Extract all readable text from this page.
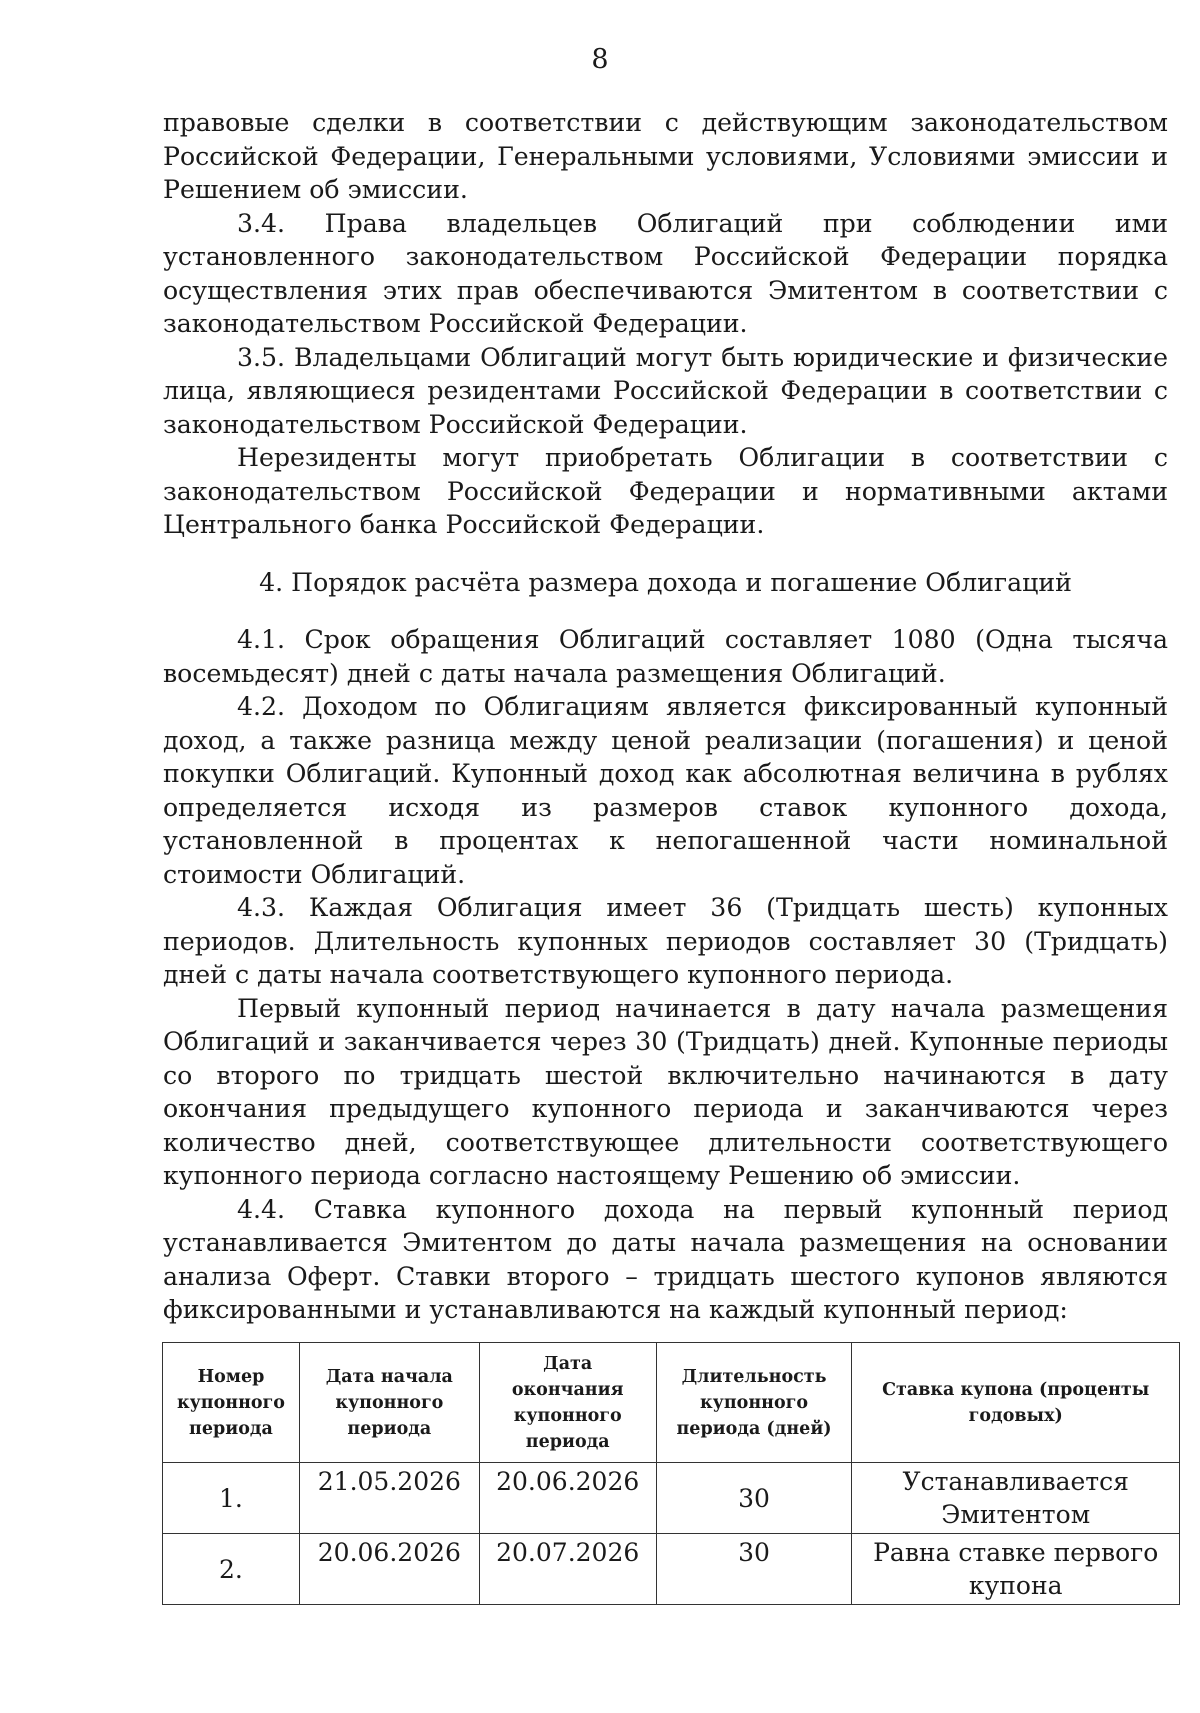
8

правовые сделки в соответствии с действующим законодательством Российской Федерации, Генеральными условиями, Условиями эмиссии и Решением об эмиссии.

3.4. Права владельцев Облигаций при соблюдении ими установленного законодательством Российской Федерации порядка осуществления этих прав обеспечиваются Эмитентом в соответствии с законодательством Российской Федерации.

3.5. Владельцами Облигаций могут быть юридические и физические лица, являющиеся резидентами Российской Федерации в соответствии с законодательством Российской Федерации.

Нерезиденты могут приобретать Облигации в соответствии с законодательством Российской Федерации и нормативными актами Центрального банка Российской Федерации.

4. Порядок расчёта размера дохода и погашение Облигаций

4.1. Срок обращения Облигаций составляет 1080 (Одна тысяча восемьдесят) дней с даты начала размещения Облигаций.

4.2. Доходом по Облигациям является фиксированный купонный доход, а также разница между ценой реализации (погашения) и ценой покупки Облигаций. Купонный доход как абсолютная величина в рублях определяется исходя из размеров ставок купонного дохода, установленной в процентах к непогашенной части номинальной стоимости Облигаций.

4.3. Каждая Облигация имеет 36 (Тридцать шесть) купонных периодов. Длительность купонных периодов составляет 30 (Тридцать) дней с даты начала соответствующего купонного периода.

Первый купонный период начинается в дату начала размещения Облигаций и заканчивается через 30 (Тридцать) дней. Купонные периоды со второго по тридцать шестой включительно начинаются в дату окончания предыдущего купонного периода и заканчиваются через количество дней, соответствующее длительности соответствующего купонного периода согласно настоящему Решению об эмиссии.

4.4. Ставка купонного дохода на первый купонный период устанавливается Эмитентом до даты начала размещения на основании анализа Оферт. Ставки второго – тридцать шестого купонов являются фиксированными и устанавливаются на каждый купонный период:

Номер купонного периода	Дата начала купонного периода	Дата окончания купонного периода	Длительность купонного периода (дней)	Ставка купона (проценты годовых)
1.	21.05.2026	20.06.2026	30	Устанавливается Эмитентом
2.	20.06.2026	20.07.2026	30	Равна ставке первого купона
